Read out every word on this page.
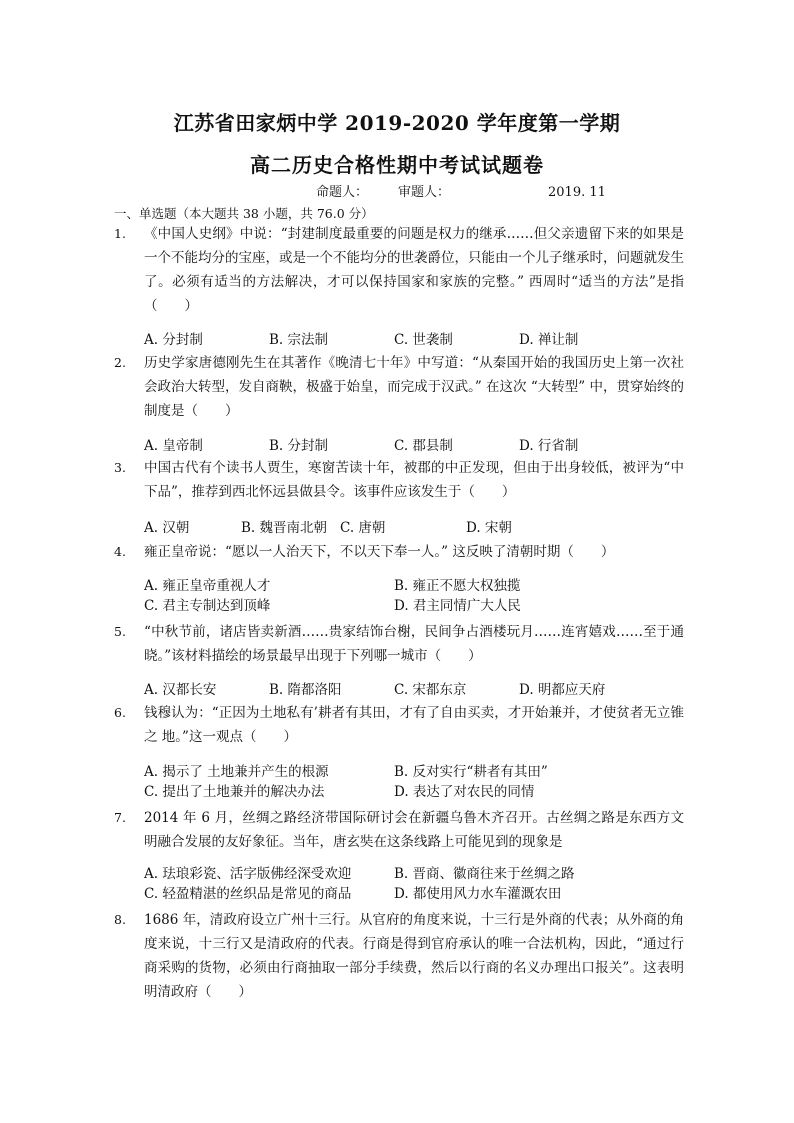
江苏省田家炳中学 2019-2020 学年度第一学期
高二历史合格性期中考试试题卷
命题人： 审题人：	2019. 11
一、单选题（本大题共 38 小题，共 76.0 分）
1.	《中国人史纲》中说：“封建制度最重要的问题是权力的继承……但父亲遗留下来的如果是一个不能均分的宝座，或是一个不能均分的世袭爵位，只能由一个儿子继承时，问题就发生了。必须有适当的方法解决，才可以保持国家和家族的完整。” 西周时“适当的方法”是指（　　）
A. 分封制	B. 宗法制	C. 世袭制	D. 禅让制
2.	历史学家唐德刚先生在其著作《晚清七十年》中写道：“从秦国开始的我国历史上第一次社会政治大转型，发自商鞅，极盛于始皇，而完成于汉武。” 在这次 “大转型” 中，贯穿始终的制度是（　　）
A. 皇帝制	B. 分封制	C. 郡县制	D. 行省制
3.	中国古代有个读书人贾生，寒窗苦读十年，被郡的中正发现，但由于出身较低，被评为“中下品”，推荐到西北怀远县做县令。该事件应该发生于（　　）
A. 汉朝	B. 魏晋南北朝 C. 唐朝	D. 宋朝
4.	雍正皇帝说：“愿以一人治天下，不以天下奉一人。” 这反映了清朝时期（　　）
A. 雍正皇帝重视人才	B. 雍正不愿大权独揽
C. 君主专制达到顶峰	D. 君主同情广大人民
5.	“中秋节前，诸店皆卖新酒……贵家结饰台榭，民间争占酒楼玩月……连宵嬉戏……至于通晓。”该材料描绘的场景最早出现于下列哪一城市（　　）
A. 汉都长安	B. 隋都洛阳	C. 宋都东京	D. 明都应天府
6.	钱穆认为：“正因为土地私有’耕者有其田，才有了自由买卖，才开始兼并，才使贫者无立锥之 地。”这一观点（　　）
A. 揭示了 土地兼并产生的根源	B. 反对实行“耕者有其田”
C. 提出了土地兼并的解决办法	D. 表达了对农民的同情
7.	2014 年 6 月，丝绸之路经济带国际研讨会在新疆乌鲁木齐召开。古丝绸之路是东西方文明融合发展的友好象征。当年，唐玄奘在这条线路上可能见到的现象是
A. 珐琅彩瓷、活字版佛经深受欢迎	B. 晋商、徽商往来于丝绸之路
C. 轻盈精湛的丝织品是常见的商品	D. 都使用风力水车灌溉农田
8.	1686 年，清政府设立广州十三行。从官府的角度来说，十三行是外商的代表；从外商的角度来说，十三行又是清政府的代表。行商是得到官府承认的唯一合法机构，因此，“通过行商采购的货物，必须由行商抽取一部分手续费，然后以行商的名义办理出口报关”。这表明明清政府（　　）
